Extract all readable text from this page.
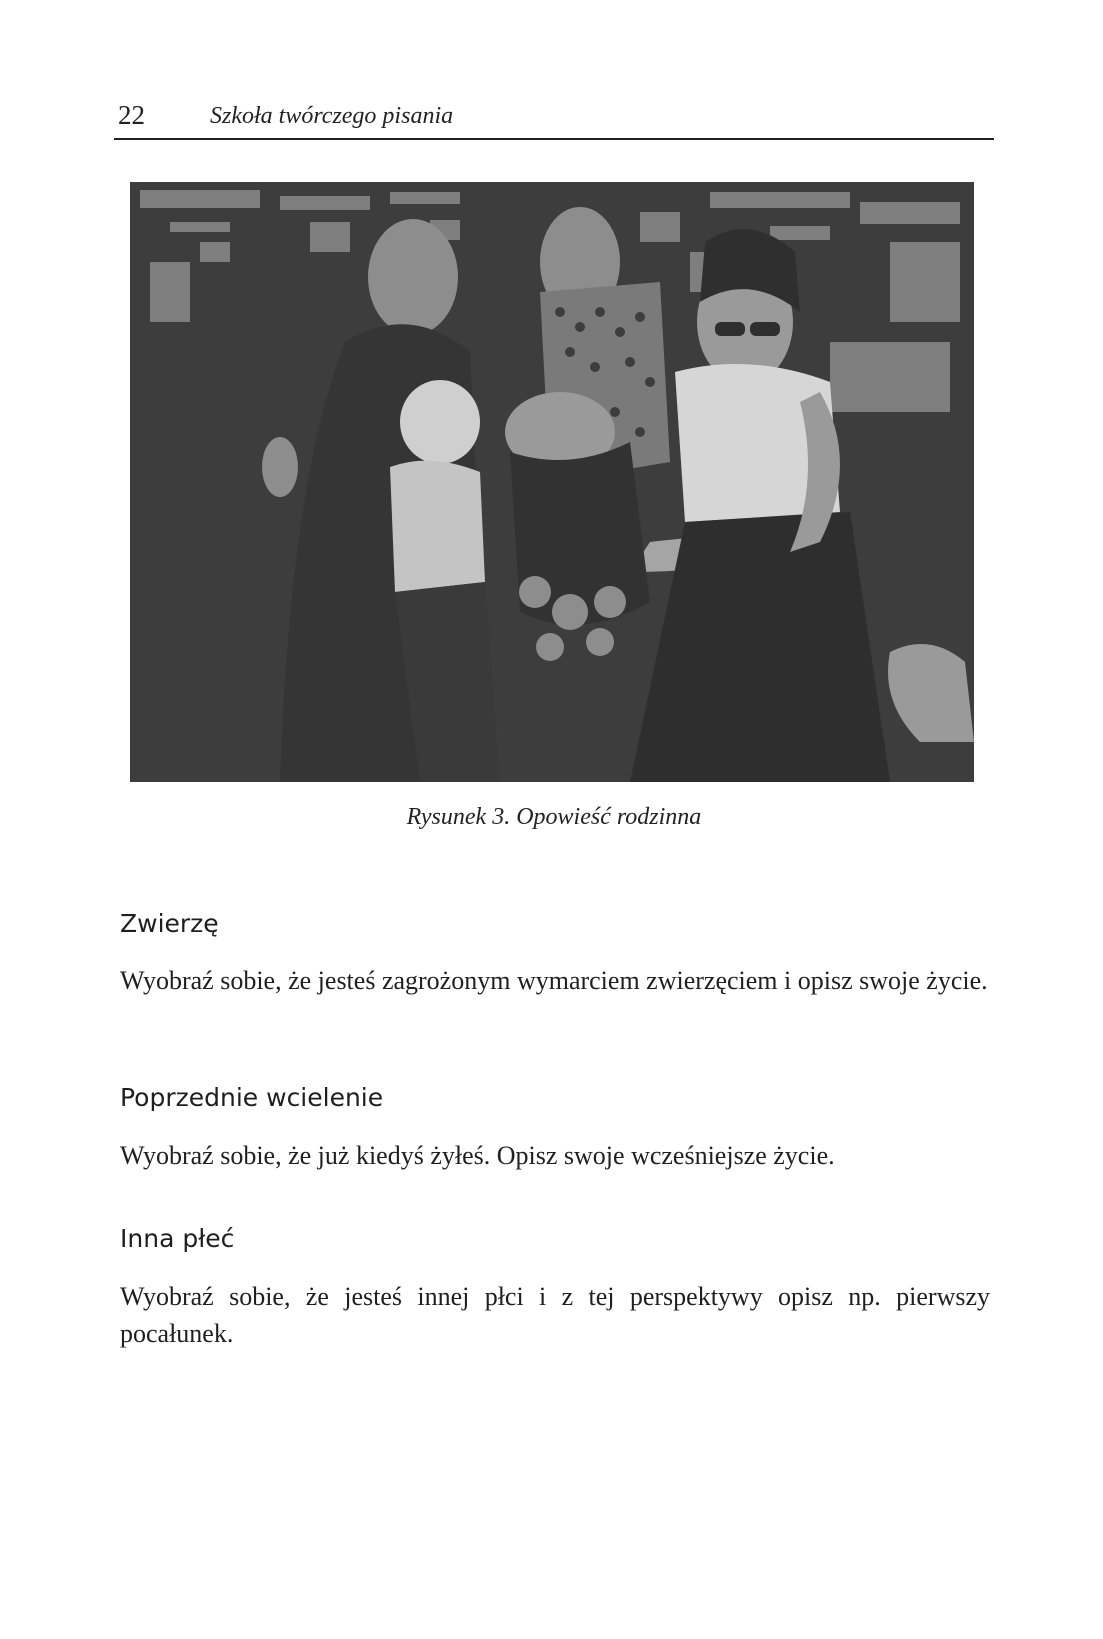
22	Szkoła twórczego pisania
Rysunek 3. Opowieść rodzinna
Zwierzę

Wyobraź sobie, że jesteś zagrożonym wymarciem zwierzęciem i opisz swoje życie.

Poprzednie wcielenie

Wyobraź sobie, że już kiedyś żyłeś. Opisz swoje wcześniejsze życie.

Inna płeć

Wyobraź sobie, że jesteś innej płci i z tej perspektywy opisz np. pierwszy pocałunek.
